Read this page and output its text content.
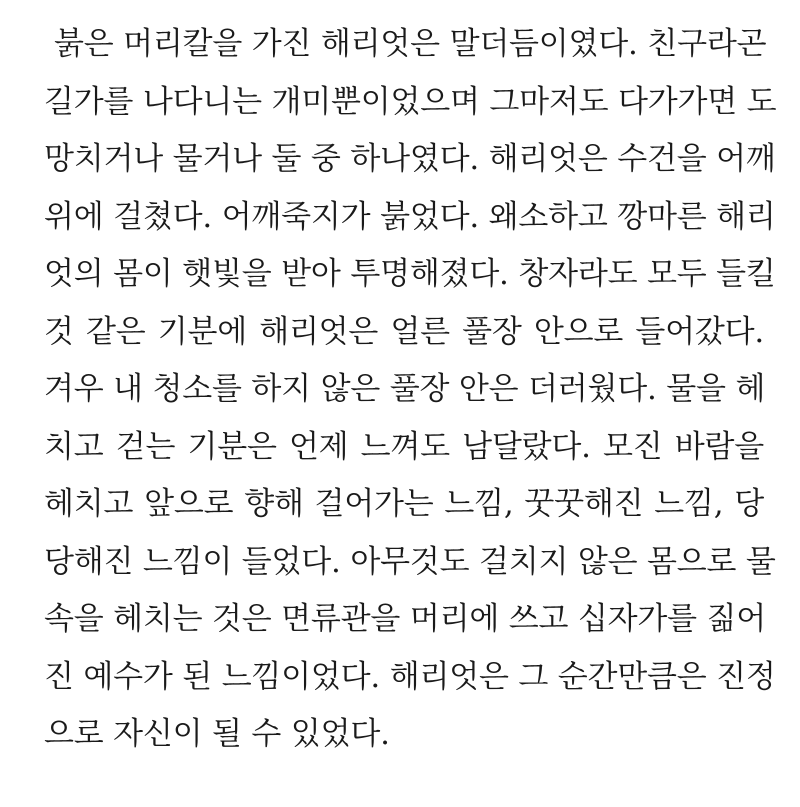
붉은 머리칼을 가진 해리엇은 말더듬이였다. 친구라곤
길가를 나다니는 개미뿐이었으며 그마저도 다가가면 도
망치거나 물거나 둘 중 하나였다. 해리엇은 수건을 어깨
위에 걸쳤다. 어깨죽지가 붉었다. 왜소하고 깡마른 해리
엇의 몸이 햇빛을 받아 투명해졌다. 창자라도 모두 들킬
것 같은 기분에 해리엇은 얼른 풀장 안으로 들어갔다.
겨우 내 청소를 하지 않은 풀장 안은 더러웠다. 물을 헤
치고 걷는 기분은 언제 느껴도 남달랐다. 모진 바람을
헤치고 앞으로 향해 걸어가는 느낌, 꿋꿋해진 느낌, 당
당해진 느낌이 들었다. 아무것도 걸치지 않은 몸으로 물
속을 헤치는 것은 면류관을 머리에 쓰고 십자가를 짊어
진 예수가 된 느낌이었다. 해리엇은 그 순간만큼은 진정
으로 자신이 될 수 있었다.
